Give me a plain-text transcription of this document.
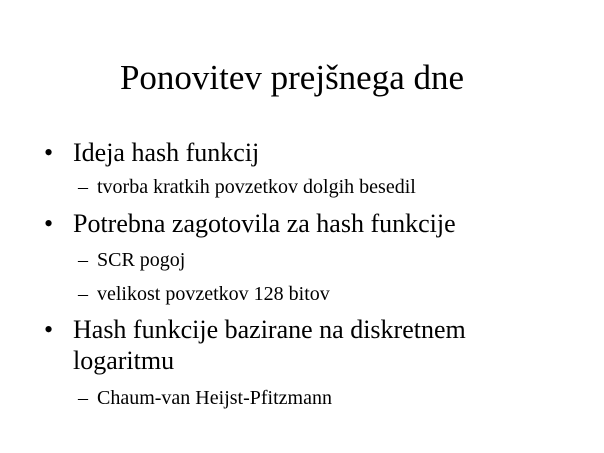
Ponovitev prejšnega dne
• Ideja hash funkcij
– tvorba kratkih povzetkov dolgih besedil
• Potrebna zagotovila za hash funkcije
– SCR pogoj
– velikost povzetkov 128 bitov
• Hash funkcije bazirane na diskretnem
logaritmu
– Chaum-van Heijst-Pfitzmann
